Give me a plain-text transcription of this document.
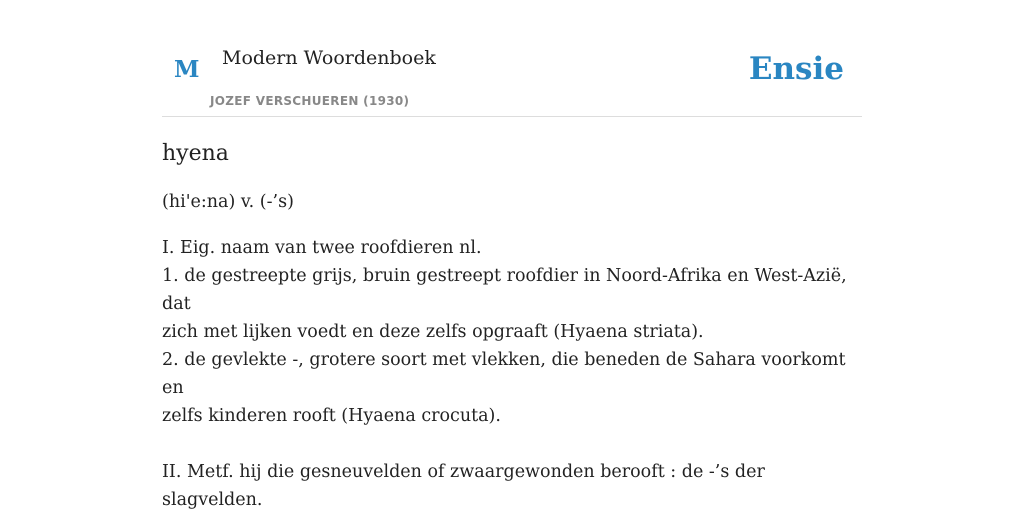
M Modern Woordenboek
JOZEF VERSCHUEREN (1930)
Ensie
hyena
(hi'e:na) v. (-’s)
I. Eig. naam van twee roofdieren nl.
1. de gestreepte grijs, bruin gestreept roofdier in Noord-Afrika en West-Azië, dat
zich met lijken voedt en deze zelfs opgraaft (Hyaena striata).
2. de gevlekte -, grotere soort met vlekken, die beneden de Sahara voorkomt en
zelfs kinderen rooft (Hyaena crocuta).
II. Metf. hij die gesneuvelden of zwaargewonden berooft : de -’s der slagvelden.
